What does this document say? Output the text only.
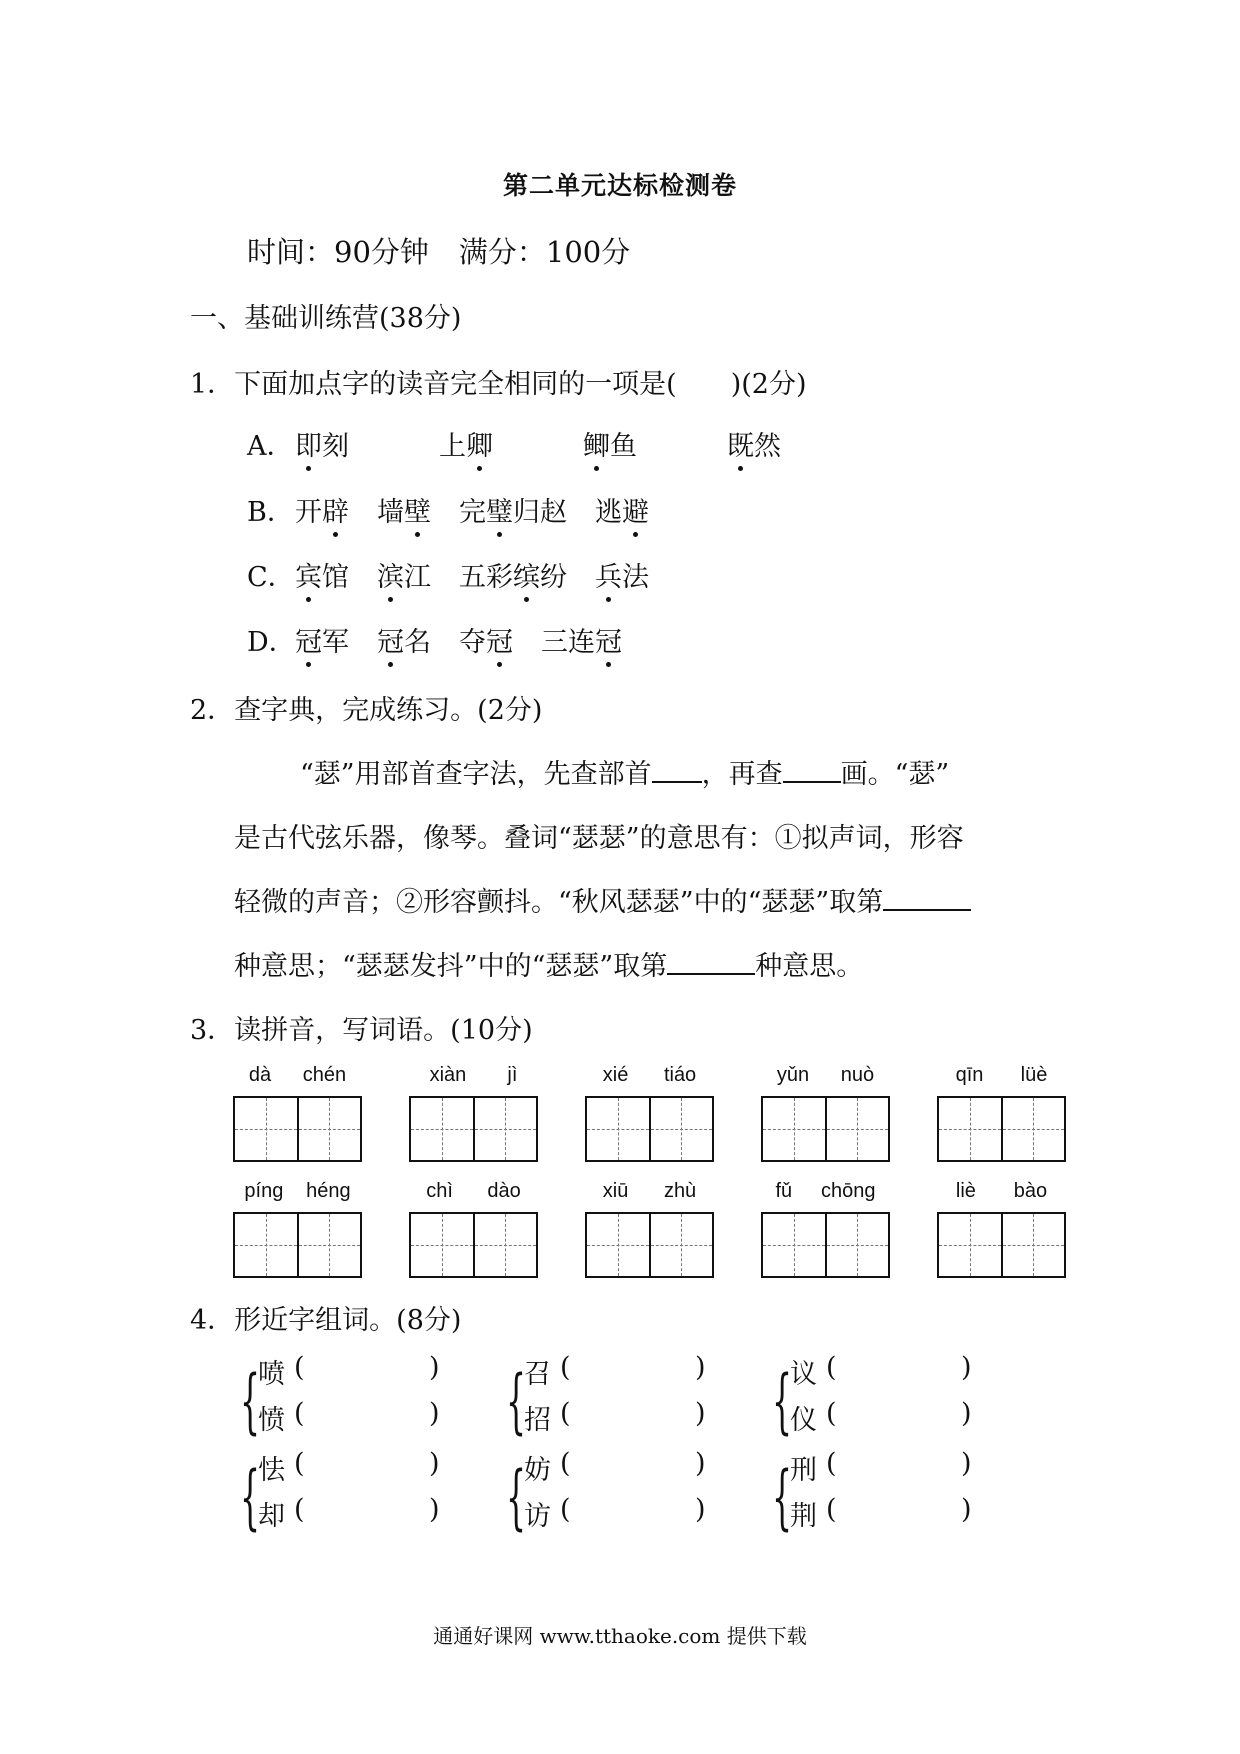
第二单元达标检测卷
时间：90分钟 满分：100分
一、基础训练营(38分)
1．下面加点字的读音完全相同的一项是(　　)(2分)
A． 即刻	上卿	鲫鱼	既然
B． 开辟 墙壁 完璧归赵 逃避
C． 宾馆 滨江 五彩缤纷 兵法
D． 冠军 冠名 夺冠 三连冠
2．查字典，完成练习。(2分)
“瑟”用部首查字法，先查部首 ，再查 画。“瑟”
是古代弦乐器，像琴。叠词“瑟瑟”的意思有：①拟声词，形容
轻微的声音；②形容颤抖。“秋风瑟瑟”中的“瑟瑟”取第
种意思；“瑟瑟发抖”中的“瑟瑟”取第	种意思。
3．读拼音，写词语。(10分)
dà chén	xiàn jì	xié tiáo	yǔn nuò	qīn lüè
píng héng	chì dào	xiū zhù	fǔ chōng	liè bào
4．形近字组词。(8分)
{
喷 (	)
愤 (	) {
召 (	)
招 (	) {
议 (	)
仪 (	)
{
怯 (	)
却 (	) {
妨 (	)
访 (	) {
刑 (	)
荆 (	)
通通好课网 www.tthaoke.com 提供下载
